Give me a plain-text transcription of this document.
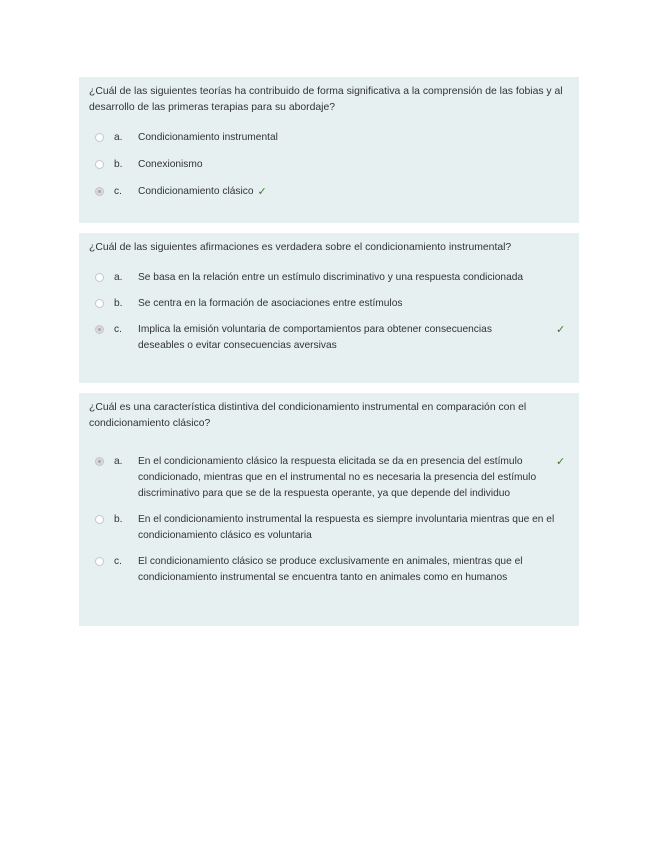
¿Cuál de las siguientes teorías ha contribuido de forma significativa a la comprensión de las fobias y al desarrollo de las primeras terapias para su abordaje?

a.	Condicionamiento instrumental
b.	Conexionismo
c.	Condicionamiento clásico ✓

¿Cuál de las siguientes afirmaciones es verdadera sobre el condicionamiento instrumental?

a.	Se basa en la relación entre un estímulo discriminativo y una respuesta condicionada
b.	Se centra en la formación de asociaciones entre estímulos
c.	Implica la emisión voluntaria de comportamientos para obtener consecuencias deseables o evitar consecuencias aversivas
✓

¿Cuál es una característica distintiva del condicionamiento instrumental en comparación con el condicionamiento clásico?

a.	En el condicionamiento clásico la respuesta elicitada se da en presencia del estímulo condicionado, mientras que en el instrumental no es necesaria la presencia del estímulo discriminativo para que se de la respuesta operante, ya que depende del individuo
✓
b.	En el condicionamiento instrumental la respuesta es siempre involuntaria mientras que en el condicionamiento clásico es voluntaria
c.	El condicionamiento clásico se produce exclusivamente en animales, mientras que el condicionamiento instrumental se encuentra tanto en animales como en humanos
